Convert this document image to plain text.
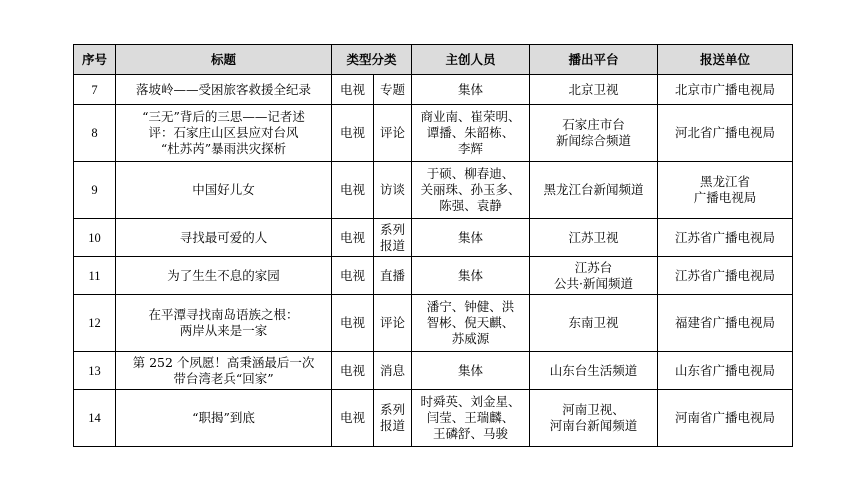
序号	标题	类型分类		主创人员	播出平台	报送单位
7	落坡岭——受困旅客救援全纪录	电视	专题	集体	北京卫视	北京市广播电视局
8	“三无”背后的三思——记者述
评：石家庄山区县应对台风
“杜苏芮”暴雨洪灾探析	电视	评论	商业南、崔荣明、
谭播、朱韶栋、
李辉	石家庄市台
新闻综合频道	河北省广播电视局
9	中国好儿女	电视	访谈	于硕、柳春迪、
关丽珠、孙玉多、
陈强、袁静	黑龙江台新闻频道	黑龙江省
广播电视局
10	寻找最可爱的人	电视	系列
报道	集体	江苏卫视	江苏省广播电视局
11	为了生生不息的家园	电视	直播	集体	江苏台
公共·新闻频道	江苏省广播电视局
12	在平潭寻找南岛语族之根：
两岸从来是一家	电视	评论	潘宁、钟健、洪
智彬、倪天麒、
苏威源	东南卫视	福建省广播电视局
13	第 252 个夙愿！高秉涵最后一次
带台湾老兵“回家”	电视	消息	集体	山东台生活频道	山东省广播电视局
14	“职揭”到底	电视	系列
报道	时舜英、刘金星、
闫莹、王瑞麟、
王磷舒、马骏	河南卫视、
河南台新闻频道	河南省广播电视局
